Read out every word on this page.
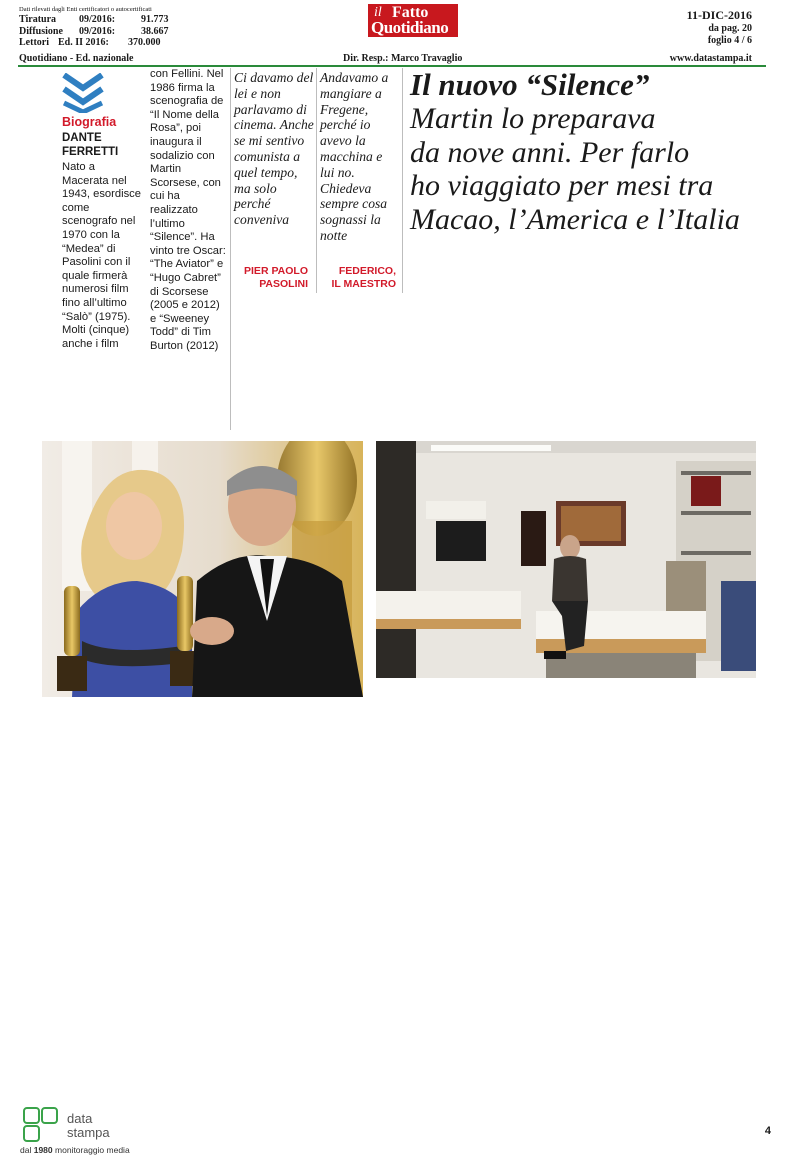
Dati rilevati dagli Enti certificatori o autocertificati
Tiratura 09/2016:	91.773
Diffusione 09/2016:	38.667
Lettori Ed. II 2016: 370.000
Quotidiano - Ed. nazionale
il Fatto
Quotidiano
Dir. Resp.: Marco Travaglio
11-DIC-2016
da pag. 20
foglio 4 / 6
www.datastampa.it
Biografia
DANTE
FERRETTI

Nato a Macerata nel 1943, esordisce come scenografo nel 1970 con la “Medea” di Pasolini con il quale firmerà numerosi film fino all’ultimo “Salò” (1975). Molti (cinque) anche i film

con Fellini. Nel 1986 firma la scenografia de “Il Nome della Rosa”, poi inaugura il sodalizio con Martin Scorsese, con cui ha realizzato l’ultimo “Silence”. Ha vinto tre Oscar: “The Aviator” e “Hugo Cabret” di Scorsese (2005 e 2012) e “Sweeney Todd” di Tim Burton (2012)

Ci davamo del lei e non parlavamo di cinema. Anche se mi sentivo comunista a quel tempo, ma solo perché conveniva

PIER PAOLO
PASOLINI

Andavamo a mangiare a Fregene, perché io avevo la macchina e lui no. Chiedeva sempre cosa sognassi la notte

FEDERICO,
IL MAESTRO
Il nuovo “Silence”
Martin lo preparava
da nove anni. Per farlo
ho viaggiato per mesi tra
Macao, l’America e l’Italia
data
stampa
dal 1980 monitoraggio media
4
